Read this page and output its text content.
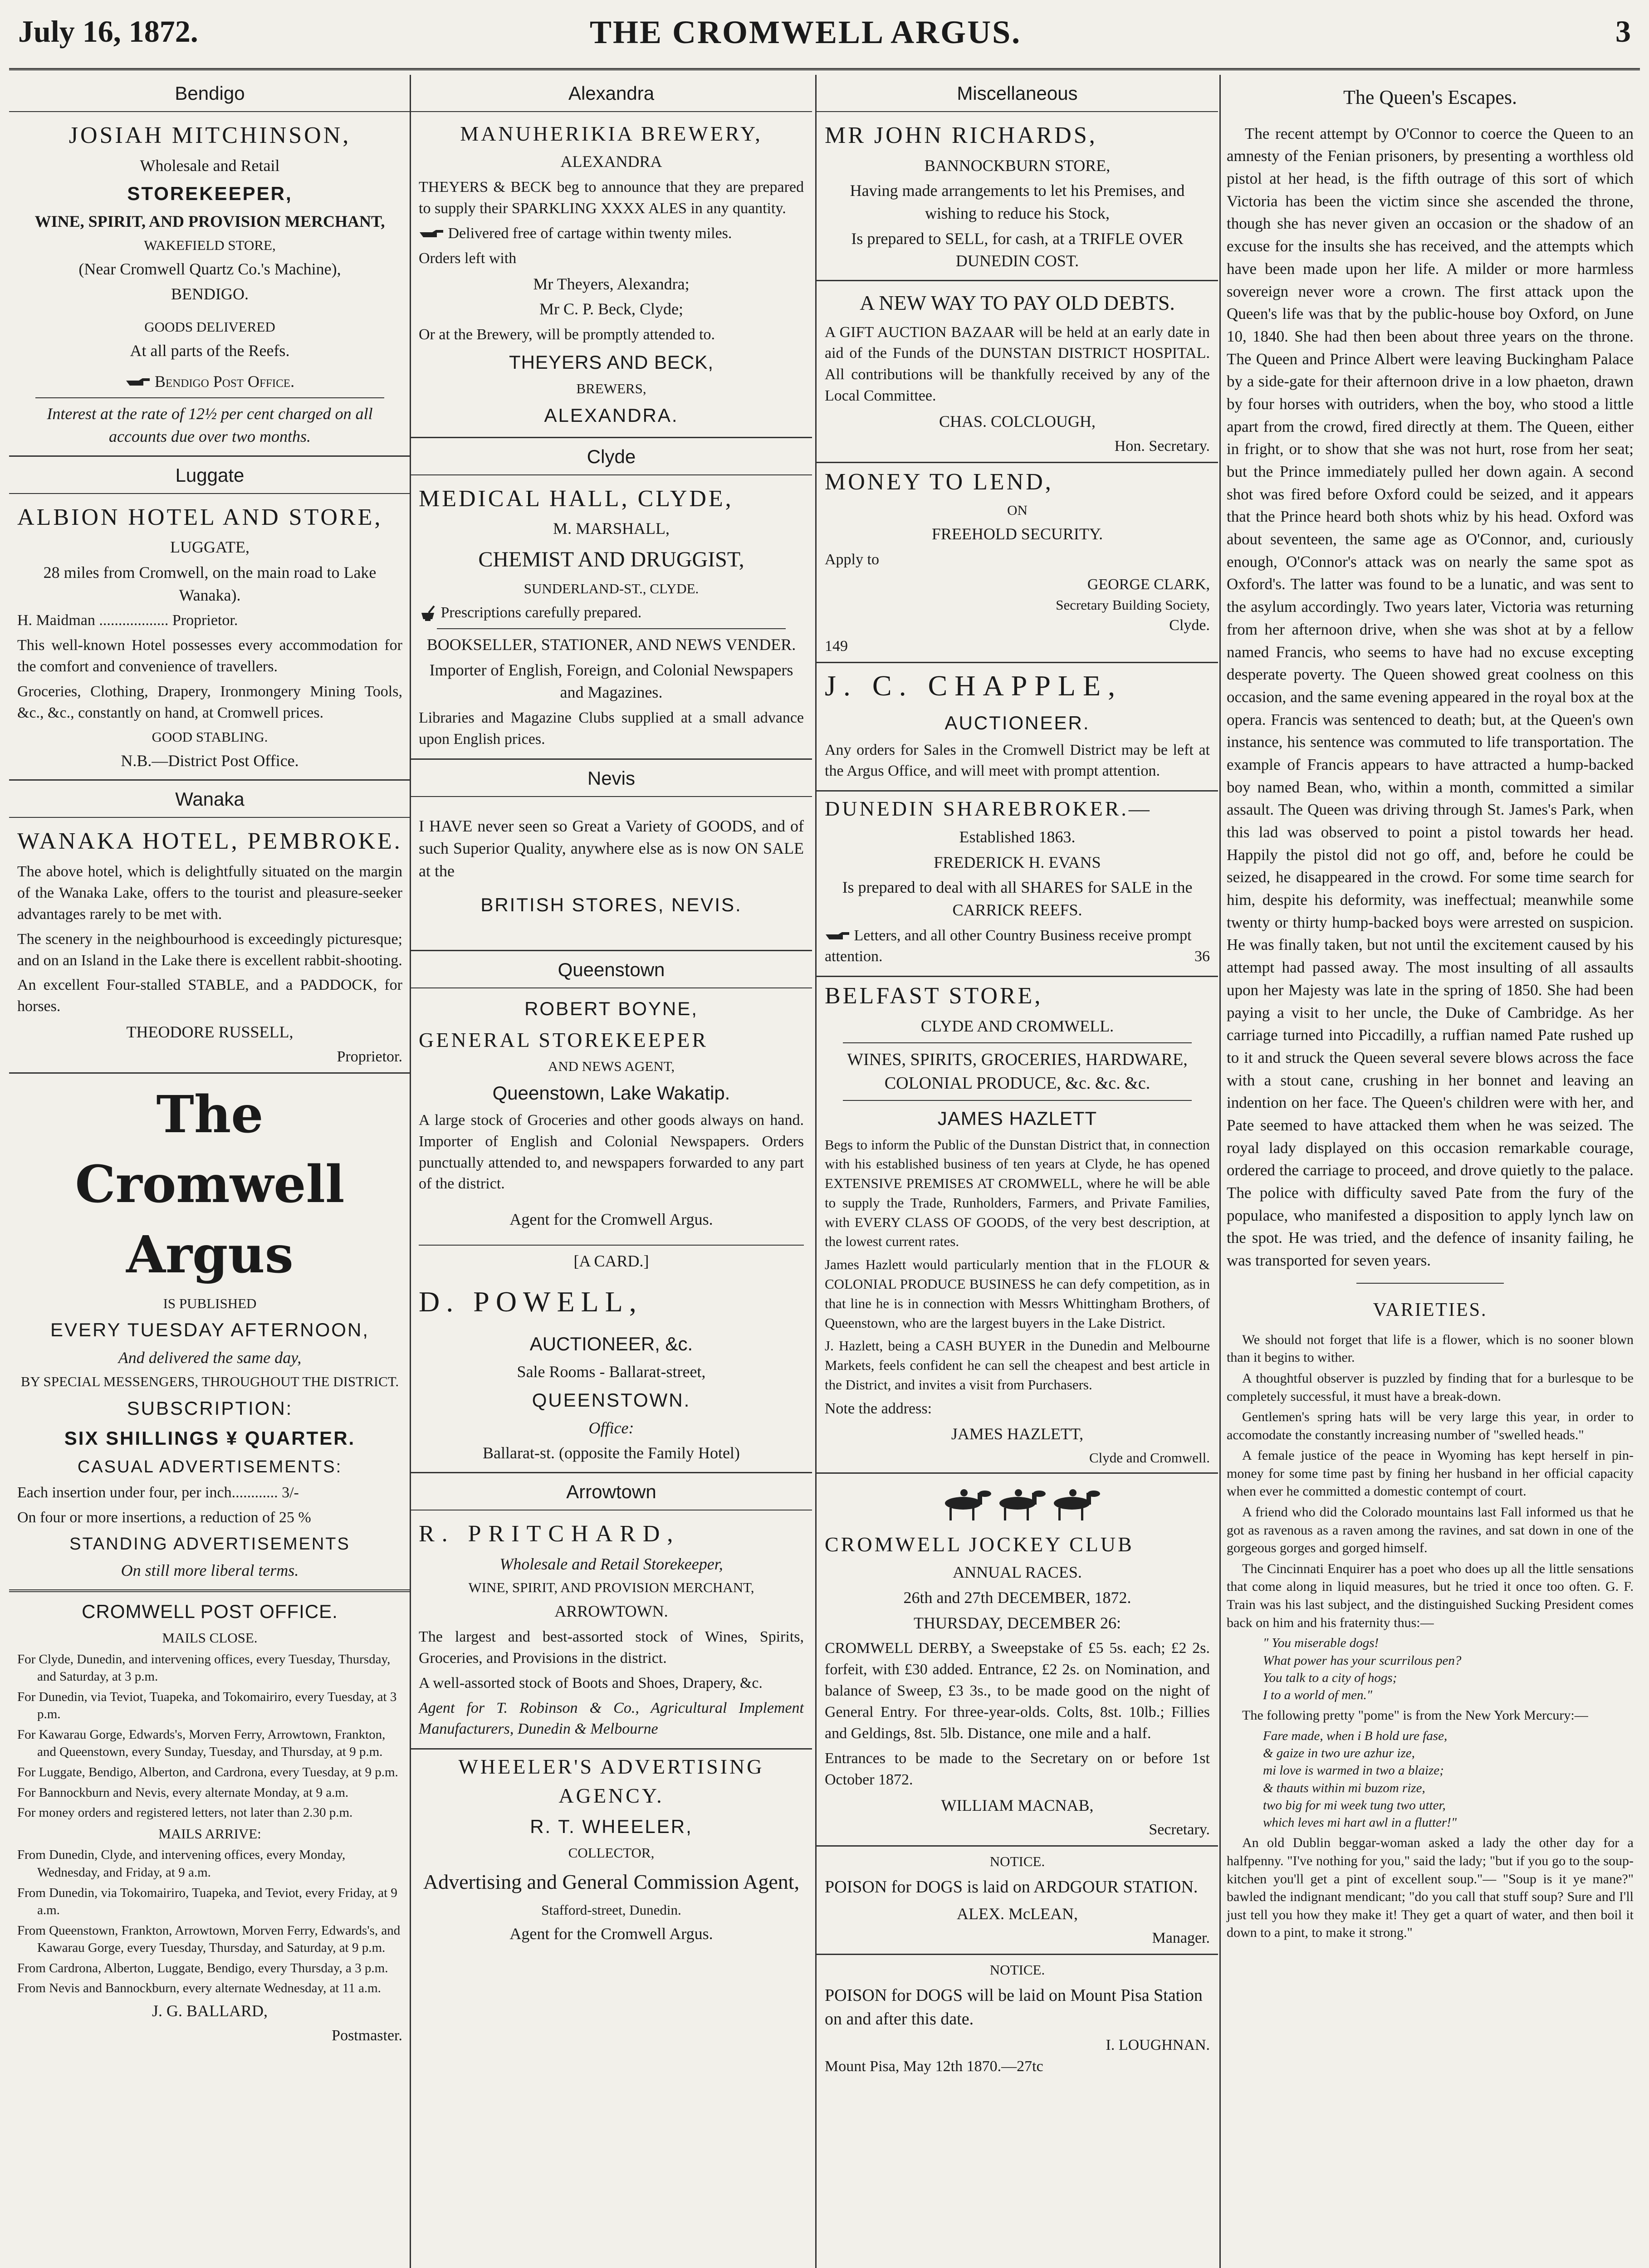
July 16, 1872.	THE CROMWELL ARGUS.	3
Bendigo
JOSIAH MITCHINSON,
Wholesale and Retail
STOREKEEPER,
WINE, SPIRIT, AND PROVISION MERCHANT,
WAKEFIELD STORE,
(Near Cromwell Quartz Co.'s Machine),
BENDIGO.
GOODS DELIVERED
At all parts of the Reefs.
Bendigo Post Office.
Interest at the rate of 12½ per cent charged on all accounts due over two months.
Luggate
ALBION HOTEL AND STORE,
LUGGATE,
28 miles from Cromwell, on the main road to Lake Wanaka).

H. Maidman .................. Proprietor.

This well-known Hotel possesses every accommodation for the comfort and convenience of travellers.

Groceries, Clothing, Drapery, Ironmongery Mining Tools, &c., &c., constantly on hand, at Cromwell prices.

GOOD STABLING.
N.B.—District Post Office.
Wanaka
WANAKA HOTEL, PEMBROKE.

The above hotel, which is delightfully situated on the margin of the Wanaka Lake, offers to the tourist and pleasure-seeker advantages rarely to be met with.

The scenery in the neighbourhood is exceedingly picturesque; and on an Island in the Lake there is excellent rabbit-shooting.

An excellent Four-stalled STABLE, and a PADDOCK, for horses.

THEODORE RUSSELL,
Proprietor.
The Cromwell Argus
IS PUBLISHED
EVERY TUESDAY AFTERNOON,
And delivered the same day,
BY SPECIAL MESSENGERS, THROUGHOUT THE DISTRICT.
SUBSCRIPTION:
SIX SHILLINGS ¥ QUARTER.
CASUAL ADVERTISEMENTS:

Each insertion under four, per inch............ 3/-

On four or more insertions, a reduction of 25 %

STANDING ADVERTISEMENTS
On still more liberal terms.
CROMWELL POST OFFICE.
MAILS CLOSE.

For Clyde, Dunedin, and intervening offices, every Tuesday, Thursday, and Saturday, at 3 p.m.

For Dunedin, via Teviot, Tuapeka, and Tokomairiro, every Tuesday, at 3 p.m.

For Kawarau Gorge, Edwards's, Morven Ferry, Arrowtown, Frankton, and Queenstown, every Sunday, Tuesday, and Thursday, at 9 p.m.

For Luggate, Bendigo, Alberton, and Cardrona, every Tuesday, at 9 p.m.

For Bannockburn and Nevis, every alternate Monday, at 9 a.m.

For money orders and registered letters, not later than 2.30 p.m.

MAILS ARRIVE:

From Dunedin, Clyde, and intervening offices, every Monday, Wednesday, and Friday, at 9 a.m.

From Dunedin, via Tokomairiro, Tuapeka, and Teviot, every Friday, at 9 a.m.

From Queenstown, Frankton, Arrowtown, Morven Ferry, Edwards's, and Kawarau Gorge, every Tuesday, Thursday, and Saturday, at 9 p.m.

From Cardrona, Alberton, Luggate, Bendigo, every Thursday, a 3 p.m.

From Nevis and Bannockburn, every alternate Wednesday, at 11 a.m.

J. G. BALLARD,
Postmaster.
Alexandra
MANUHERIKIA BREWERY,
ALEXANDRA

THEYERS & BECK beg to announce that they are prepared to supply their SPARKLING XXXX ALES in any quantity.

Delivered free of cartage within twenty miles.

Orders left with

Mr Theyers, Alexandra;
Mr C. P. Beck, Clyde;

Or at the Brewery, will be promptly attended to.

THEYERS AND BECK,
BREWERS,
ALEXANDRA.
Clyde
MEDICAL HALL, CLYDE,
M. MARSHALL,
CHEMIST AND DRUGGIST,
SUNDERLAND-ST., CLYDE.

Prescriptions carefully prepared.

BOOKSELLER, STATIONER, AND NEWS VENDER.
Importer of English, Foreign, and Colonial Newspapers and Magazines.

Libraries and Magazine Clubs supplied at a small advance upon English prices.

Nevis

I HAVE never seen so Great a Variety of GOODS, and of such Superior Quality, anywhere else as is now ON SALE at the

BRITISH STORES, NEVIS.
Queenstown
ROBERT BOYNE,
GENERAL STOREKEEPER
AND NEWS AGENT,
Queenstown, Lake Wakatip.

A large stock of Groceries and other goods always on hand. Importer of English and Colonial Newspapers. Orders punctually attended to, and newspapers forwarded to any part of the district.

Agent for the Cromwell Argus.
[A CARD.]
D. POWELL,
AUCTIONEER, &c.
Sale Rooms - Ballarat-street,
QUEENSTOWN.
Office:
Ballarat-st. (opposite the Family Hotel)
Arrowtown
R. PRITCHARD,
Wholesale and Retail Storekeeper,
WINE, SPIRIT, AND PROVISION MERCHANT,
ARROWTOWN.

The largest and best-assorted stock of Wines, Spirits, Groceries, and Provisions in the district.

A well-assorted stock of Boots and Shoes, Drapery, &c.

Agent for T. Robinson & Co., Agricultural Implement Manufacturers, Dunedin & Melbourne

WHEELER'S ADVERTISING AGENCY.
R. T. WHEELER,
COLLECTOR,
Advertising and General Commission Agent,
Stafford-street, Dunedin.
Agent for the Cromwell Argus.
Miscellaneous
MR JOHN RICHARDS,
BANNOCKBURN STORE,
Having made arrangements to let his Premises, and wishing to reduce his Stock,
Is prepared to SELL, for cash, at a TRIFLE OVER DUNEDIN COST.
A NEW WAY TO PAY OLD DEBTS.

A GIFT AUCTION BAZAAR will be held at an early date in aid of the Funds of the DUNSTAN DISTRICT HOSPITAL. All contributions will be thankfully received by any of the Local Committee.

CHAS. COLCLOUGH,
Hon. Secretary.
MONEY TO LEND,
ON
FREEHOLD SECURITY.

Apply to

GEORGE CLARK,
Secretary Building Society,
Clyde.
149
J. C. CHAPPLE,
AUCTIONEER.

Any orders for Sales in the Cromwell District may be left at the Argus Office, and will meet with prompt attention.

DUNEDIN SHAREBROKER.—
Established 1863.
FREDERICK H. EVANS
Is prepared to deal with all SHARES for SALE in the CARRICK REEFS.

Letters, and all other Country Business receive prompt attention.	36

BELFAST STORE,
CLYDE AND CROMWELL.
WINES, SPIRITS, GROCERIES, HARDWARE, COLONIAL PRODUCE, &c. &c. &c.
JAMES HAZLETT

Begs to inform the Public of the Dunstan District that, in connection with his established business of ten years at Clyde, he has opened EXTENSIVE PREMISES AT CROMWELL, where he will be able to supply the Trade, Runholders, Farmers, and Private Families, with EVERY CLASS OF GOODS, of the very best description, at the lowest current rates.

James Hazlett would particularly mention that in the FLOUR & COLONIAL PRODUCE BUSINESS he can defy competition, as in that line he is in connection with Messrs Whittingham Brothers, of Queenstown, who are the largest buyers in the Lake District.

J. Hazlett, being a CASH BUYER in the Dunedin and Melbourne Markets, feels confident he can sell the cheapest and best article in the District, and invites a visit from Purchasers.

Note the address:

JAMES HAZLETT,
Clyde and Cromwell.
CROMWELL JOCKEY CLUB
ANNUAL RACES.
26th and 27th DECEMBER, 1872.
THURSDAY, DECEMBER 26:

CROMWELL DERBY, a Sweepstake of £5 5s. each; £2 2s. forfeit, with £30 added. Entrance, £2 2s. on Nomination, and balance of Sweep, £3 3s., to be made good on the night of General Entry. For three-year-olds. Colts, 8st. 10lb.; Fillies and Geldings, 8st. 5lb. Distance, one mile and a half.

Entrances to be made to the Secretary on or before 1st October 1872.

WILLIAM MACNAB,
Secretary.
NOTICE.

POISON for DOGS is laid on ARDGOUR STATION.

ALEX. McLEAN,
Manager.
NOTICE.

POISON for DOGS will be laid on Mount Pisa Station on and after this date.

I. LOUGHNAN.
Mount Pisa, May 12th 1870.—27tc
The Queen's Escapes.
The recent attempt by O'Connor to coerce the Queen to an amnesty of the Fenian prisoners, by presenting a worthless old pistol at her head, is the fifth outrage of this sort of which Victoria has been the victim since she ascended the throne, though she has never given an occasion or the shadow of an excuse for the insults she has received, and the attempts which have been made upon her life. A milder or more harmless sovereign never wore a crown. The first attack upon the Queen's life was that by the public-house boy Oxford, on June 10, 1840. She had then been about three years on the throne. The Queen and Prince Albert were leaving Buckingham Palace by a side-gate for their afternoon drive in a low phaeton, drawn by four horses with outriders, when the boy, who stood a little apart from the crowd, fired directly at them. The Queen, either in fright, or to show that she was not hurt, rose from her seat; but the Prince immediately pulled her down again. A second shot was fired before Oxford could be seized, and it appears that the Prince heard both shots whiz by his head. Oxford was about seventeen, the same age as O'Connor, and, curiously enough, O'Connor's attack was on nearly the same spot as Oxford's. The latter was found to be a lunatic, and was sent to the asylum accordingly. Two years later, Victoria was returning from her afternoon drive, when she was shot at by a fellow named Francis, who seems to have had no excuse excepting desperate poverty. The Queen showed great coolness on this occasion, and the same evening appeared in the royal box at the opera. Francis was sentenced to death; but, at the Queen's own instance, his sentence was commuted to life transportation. The example of Francis appears to have attracted a hump-backed boy named Bean, who, within a month, committed a similar assault. The Queen was driving through St. James's Park, when this lad was observed to point a pistol towards her head. Happily the pistol did not go off, and, before he could be seized, he disappeared in the crowd. For some time search for him, despite his deformity, was ineffectual; meanwhile some twenty or thirty hump-backed boys were arrested on suspicion. He was finally taken, but not until the excitement caused by his attempt had passed away. The most insulting of all assaults upon her Majesty was late in the spring of 1850. She had been paying a visit to her uncle, the Duke of Cambridge. As her carriage turned into Piccadilly, a ruffian named Pate rushed up to it and struck the Queen several severe blows across the face with a stout cane, crushing in her bonnet and leaving an indention on her face. The Queen's children were with her, and Pate seemed to have attacked them when he was seized. The royal lady displayed on this occasion remarkable courage, ordered the carriage to proceed, and drove quietly to the palace. The police with difficulty saved Pate from the fury of the populace, who manifested a disposition to apply lynch law on the spot. He was tried, and the defence of insanity failing, he was transported for seven years.
VARIETIES.

We should not forget that life is a flower, which is no sooner blown than it begins to wither.

A thoughtful observer is puzzled by finding that for a burlesque to be completely successful, it must have a break-down.

Gentlemen's spring hats will be very large this year, in order to accomodate the constantly increasing number of "swelled heads."

A female justice of the peace in Wyoming has kept herself in pin-money for some time past by fining her husband in her official capacity when ever he committed a domestic contempt of court.

A friend who did the Colorado mountains last Fall informed us that he got as ravenous as a raven among the ravines, and sat down in one of the gorgeous gorges and gorged himself.

The Cincinnati Enquirer has a poet who does up all the little sensations that come along in liquid measures, but he tried it once too often. G. F. Train was his last subject, and the distinguished Sucking President comes back on him and his fraternity thus:—

" You miserable dogs!
What power has your scurrilous pen?
You talk to a city of hogs;
I to a world of men."

The following pretty "pome" is from the New York Mercury:—

Fare made, when i B hold ure fase,
& gaize in two ure azhur ize,
mi love is warmed in two a blaize;
& thauts within mi buzom rize,
two big for mi week tung two utter,
which leves mi hart awl in a flutter!"

An old Dublin beggar-woman asked a lady the other day for a halfpenny. "I've nothing for you," said the lady; "but if you go to the soup-kitchen you'll get a pint of excellent soup."— "Soup is it ye mane?" bawled the indignant mendicant; "do you call that stuff soup? Sure and I'll just tell you how they make it! They get a quart of water, and then boil it down to a pint, to make it strong."
